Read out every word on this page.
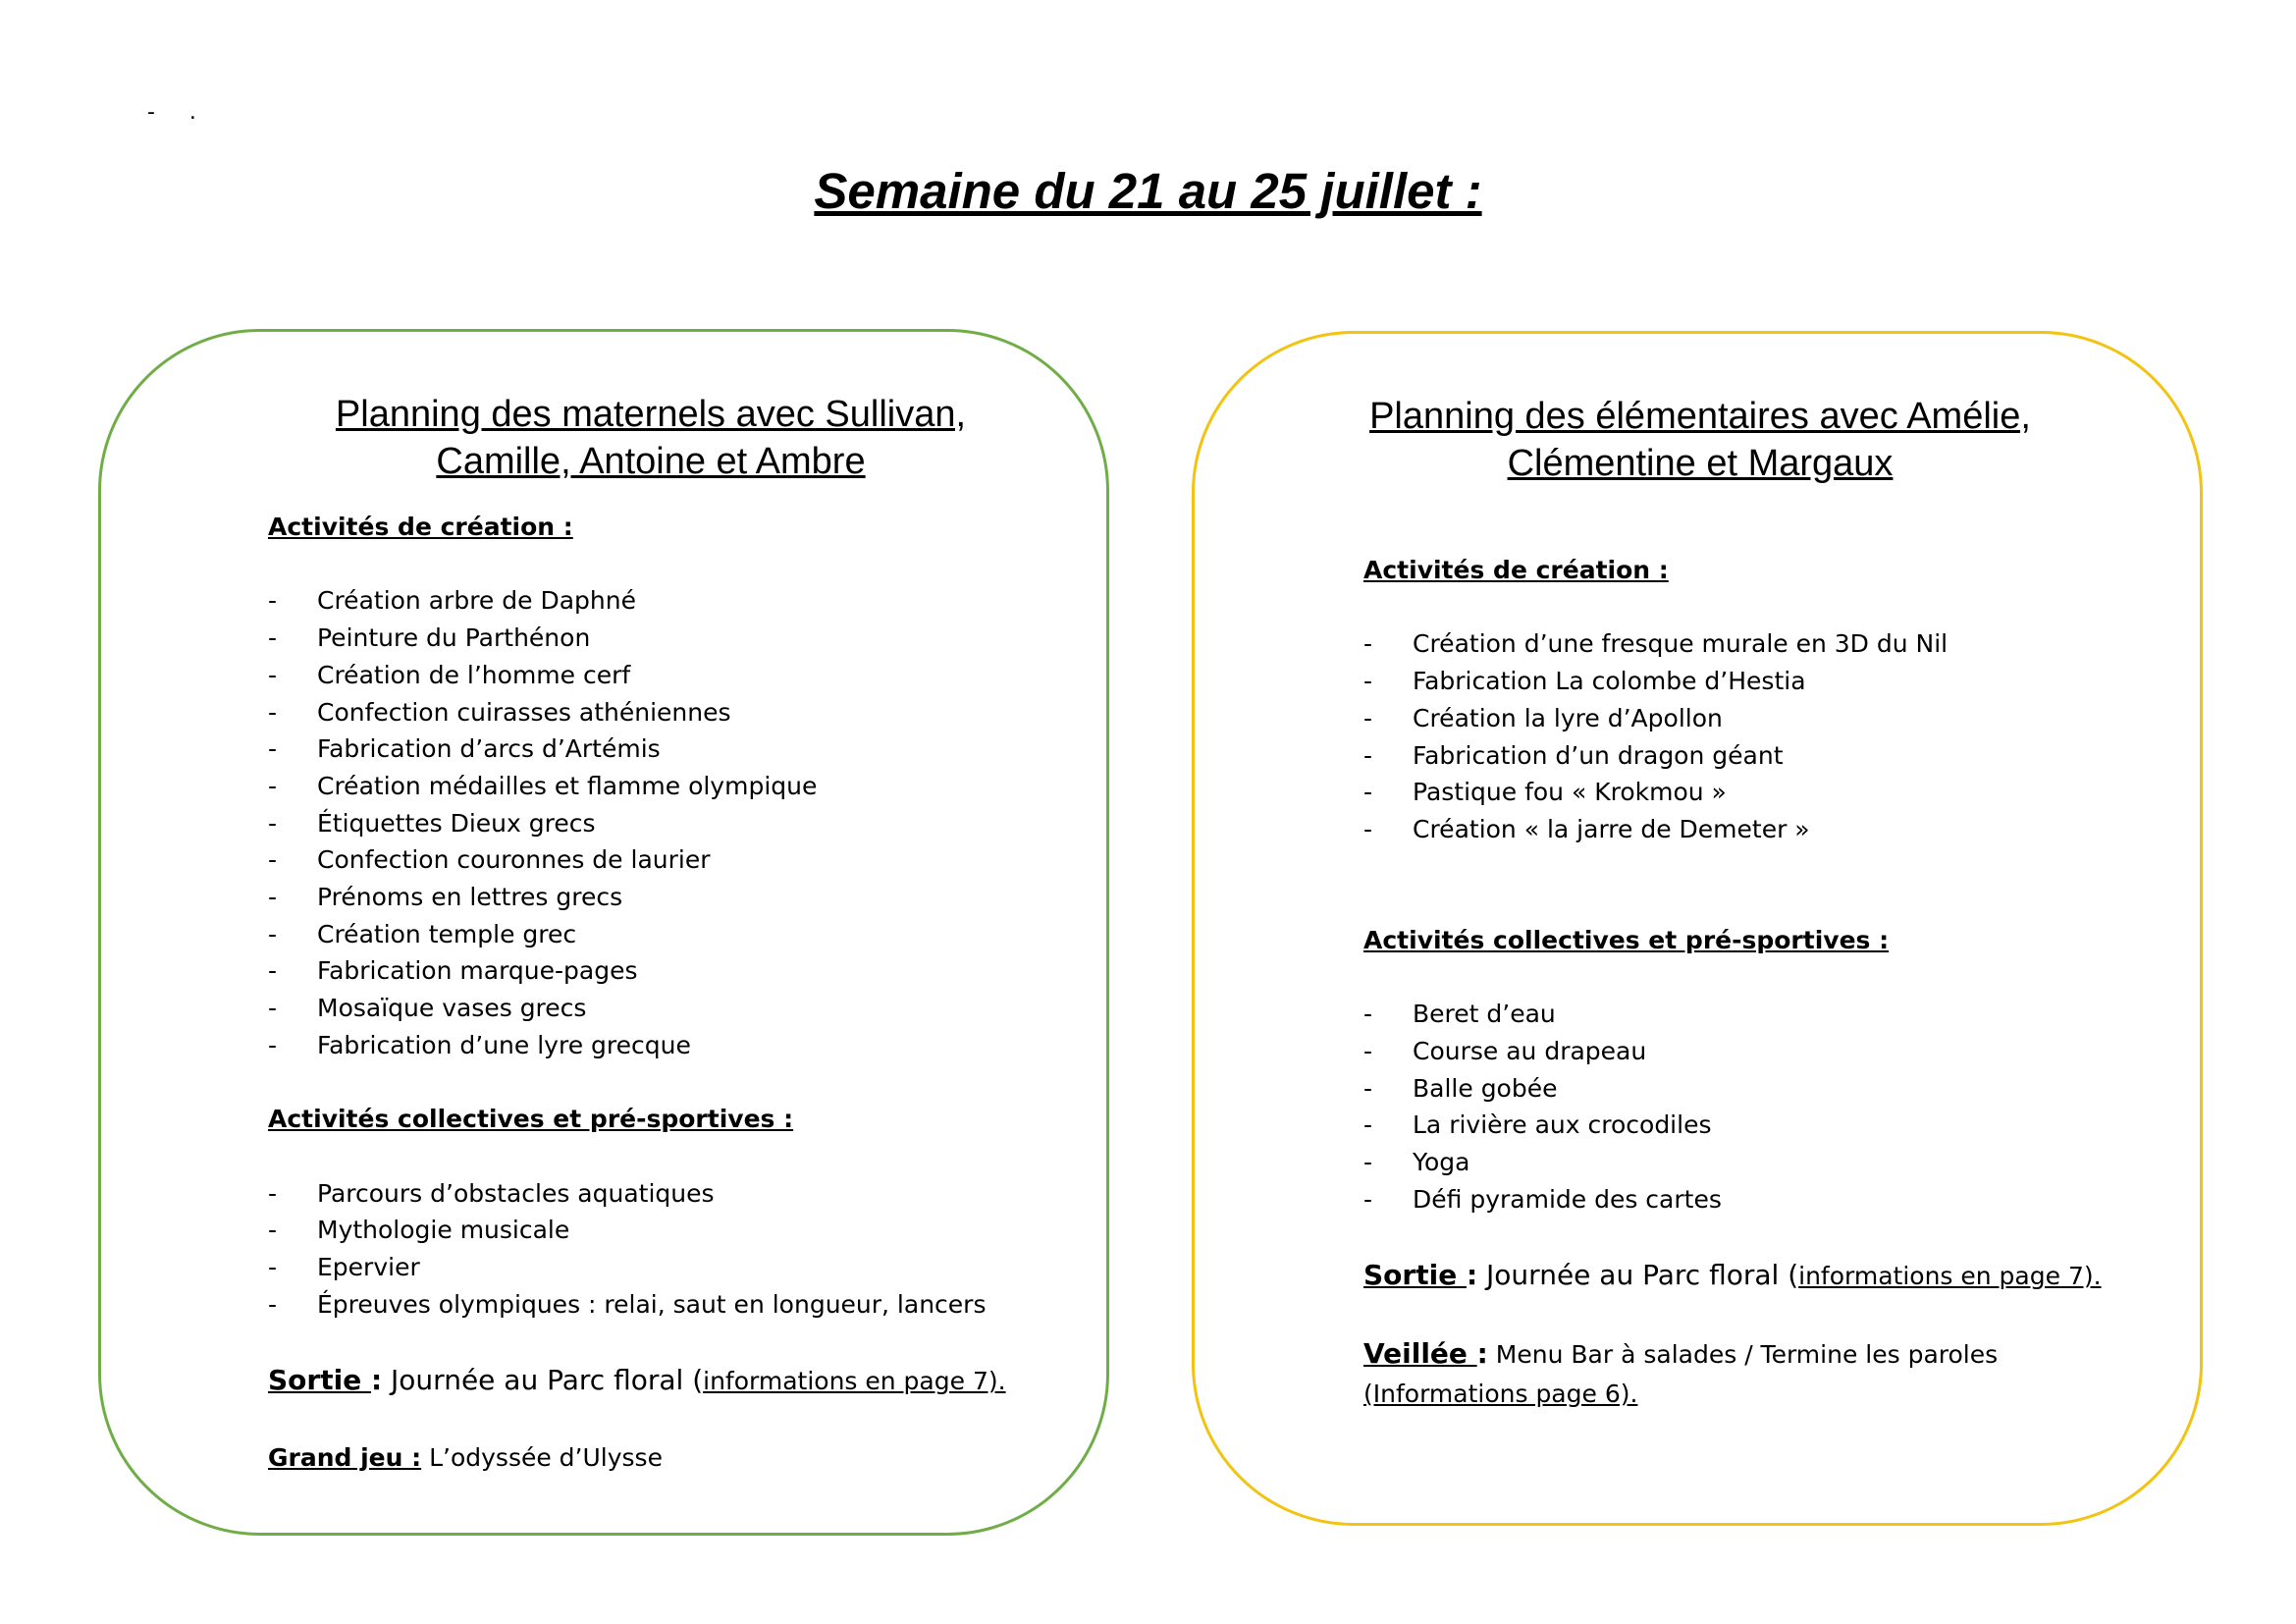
-     .
Semaine du 21 au 25 juillet :
Planning des maternels avec Sullivan,
Camille, Antoine et Ambre

Activités de création :

- Création arbre de Daphné
- Peinture du Parthénon
- Création de l’homme cerf
- Confection cuirasses athéniennes
- Fabrication d’arcs d’Artémis
- Création médailles et flamme olympique
- Étiquettes Dieux grecs
- Confection couronnes de laurier
- Prénoms en lettres grecs
- Création temple grec
- Fabrication marque-pages
- Mosaïque vases grecs
- Fabrication d’une lyre grecque

Activités collectives et pré-sportives :

- Parcours d’obstacles aquatiques
- Mythologie musicale
- Epervier
- Épreuves olympiques : relai, saut en longueur, lancers

Sortie : Journée au Parc floral (informations en page 7).

Grand jeu : L’odyssée d’Ulysse

Planning des élémentaires avec Amélie,
Clémentine et Margaux

Activités de création :

- Création d’une fresque murale en 3D du Nil
- Fabrication La colombe d’Hestia
- Création la lyre d’Apollon
- Fabrication d’un dragon géant
- Pastique fou « Krokmou »
- Création « la jarre de Demeter »

Activités collectives et pré-sportives :

- Beret d’eau
- Course au drapeau
- Balle gobée
- La rivière aux crocodiles
- Yoga
- Défi pyramide des cartes

Sortie : Journée au Parc floral (informations en page 7).

Veillée : Menu Bar à salades / Termine les paroles
(Informations page 6).
